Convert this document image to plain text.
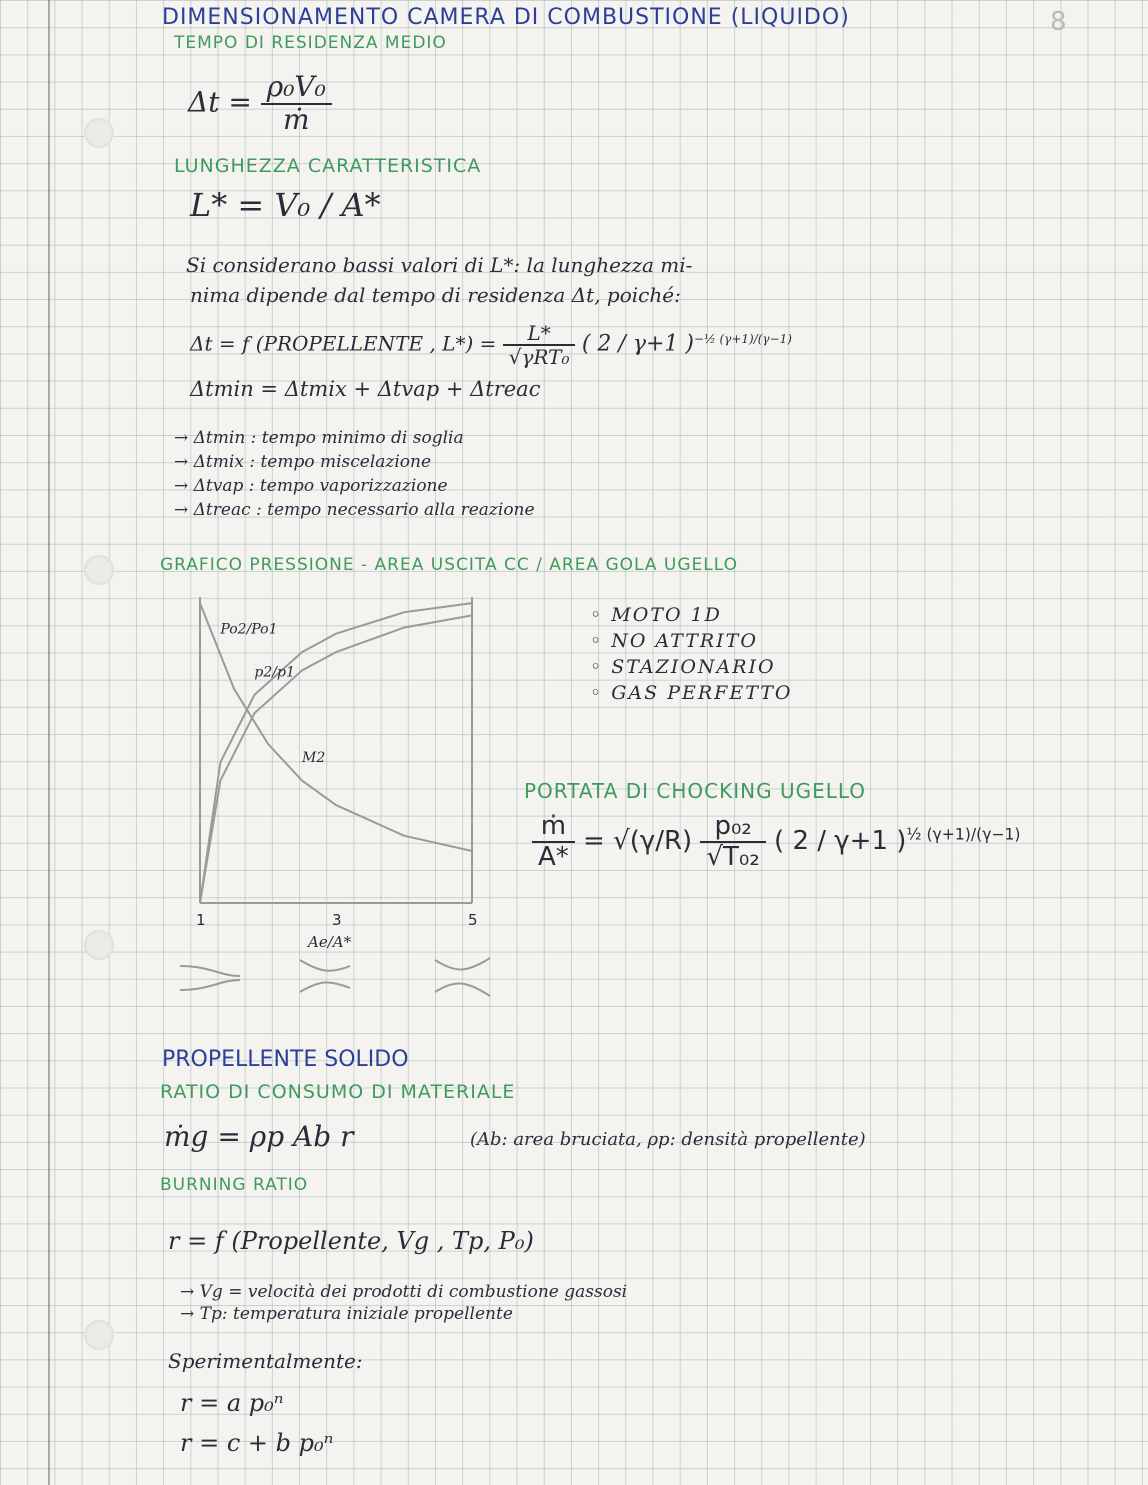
8
DIMENSIONAMENTO CAMERA DI COMBUSTIONE (LIQUIDO)
TEMPO DI RESIDENZA MEDIO
$\Delta t = \frac{\text{ρ₀V₀}}{\text{ṁ}}$
LUNGHEZZA CARATTERISTICA
L* = V₀ / A*
Si considerano bassi valori di L*: la lunghezza mi-
nima dipende dal tempo di residenza Δt, poiché:
Δt = f (PROPELLENTE , $L*) = \frac{L*}{\text{√γRT₀}}$ ( 2 / γ+1 )$^{-\frac{1}{2} (\gamma+1)/(\gamma-1)}$
Δtmin = Δtmix + Δtvap + Δtreac
→ Δtmin : tempo minimo di soglia
→ Δtmix : tempo miscelazione
→ Δtvap : tempo vaporizzazione
→ Δtreac : tempo necessario alla reazione
GRAFICO PRESSIONE - AREA USCITA CC / AREA GOLA UGELLO
Po2/Po1
p2/p1
M2
1	3	5
Ae/A*
◦ MOTO 1D
◦ NO ATTRITO
◦ STAZIONARIO
◦ GAS PERFETTO
PORTATA DI CHOCKING UGELLO
$\frac{\text{ṁ}}{A*} = √(\gamma/R) \frac{\text{p₀₂}}{\text{√T₀₂}}$ ( 2 / γ+1 )$^{\frac{1}{2} (\gamma+1)/(\gamma-1)}$
PROPELLENTE SOLIDO
RATIO DI CONSUMO DI MATERIALE
ṁg = ρp Ab r	(Ab: area bruciata, ρp: densità propellente)
BURNING RATIO
r = f (Propellente, Vg , Tp, P₀)
→ Vg = velocità dei prodotti di combustione gassosi
→ Tp: temperatura iniziale propellente
Sperimentalmente:
r = a p₀ⁿ
r = c + b p₀ⁿ
